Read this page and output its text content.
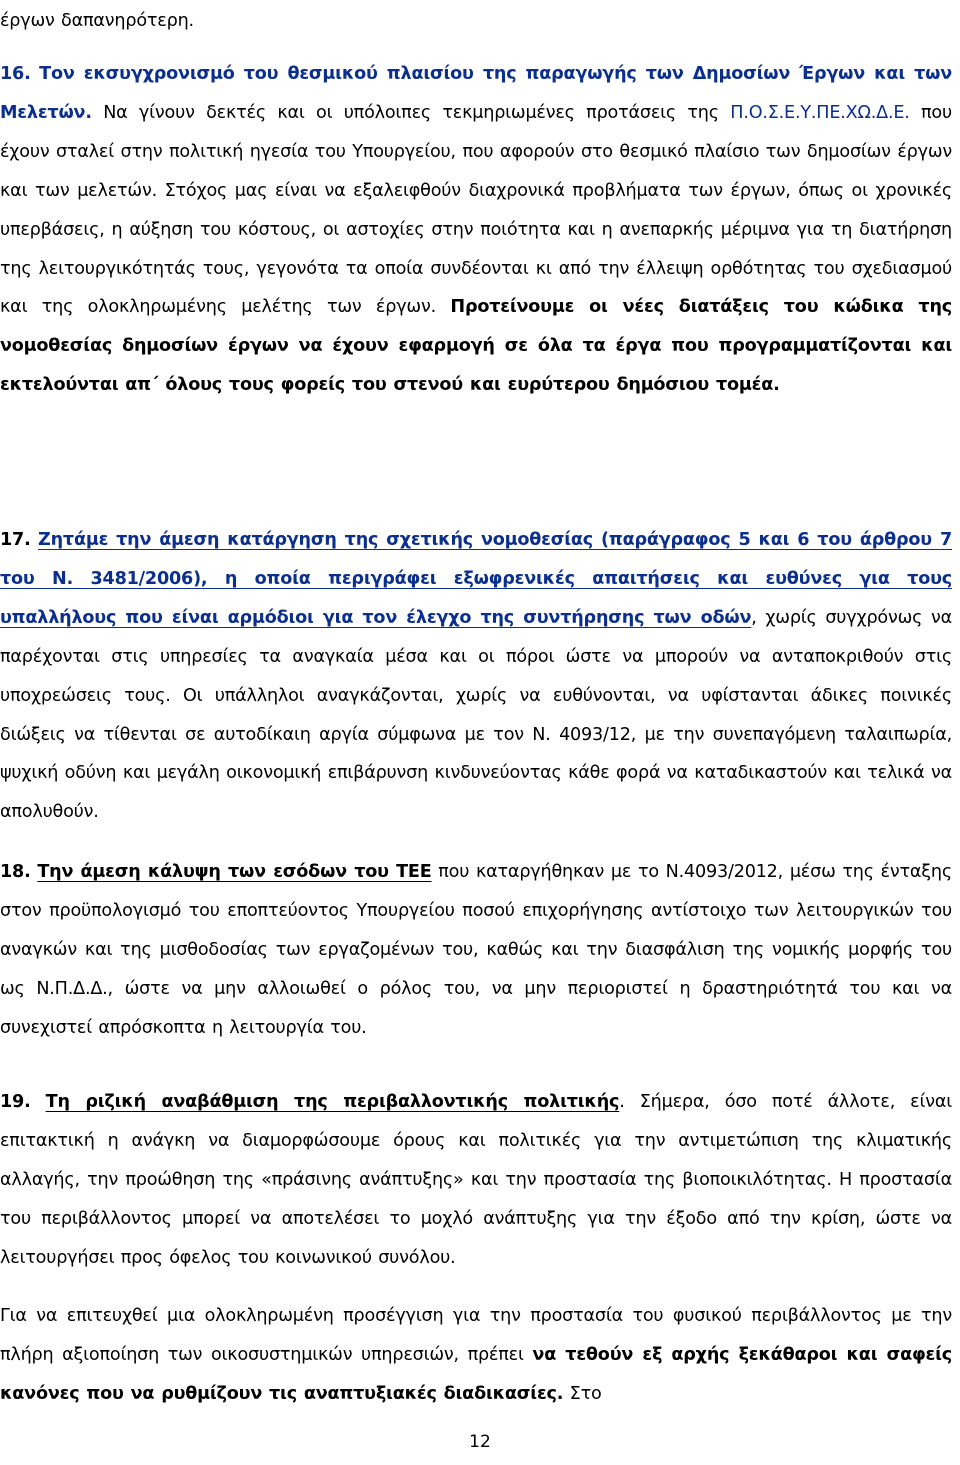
έργων δαπανηρότερη.

16. Τον εκσυγχρονισμό του θεσμικού πλαισίου της παραγωγής των Δημοσίων Έργων και των Μελετών. Να γίνουν δεκτές και οι υπόλοιπες τεκμηριωμένες προτάσεις της Π.Ο.Σ.Ε.Υ.ΠΕ.ΧΩ.Δ.Ε. που έχουν σταλεί στην πολιτική ηγεσία του Υπουργείου, που αφορούν στο θεσμικό πλαίσιο των δημοσίων έργων και των μελετών. Στόχος μας είναι να εξαλειφθούν διαχρονικά προβλήματα των έργων, όπως οι χρονικές υπερβάσεις, η αύξηση του κόστους, οι αστοχίες στην ποιότητα και η ανεπαρκής μέριμνα για τη διατήρηση της λειτουργικότητάς τους, γεγονότα τα οποία συνδέονται κι από την έλλειψη ορθότητας του σχεδιασμού και της ολοκληρωμένης μελέτης των έργων. Προτείνουμε οι νέες διατάξεις του κώδικα της νομοθεσίας δημοσίων έργων να έχουν εφαρμογή σε όλα τα έργα που προγραμματίζονται και εκτελούνται απ΄ όλους τους φορείς του στενού και ευρύτερου δημόσιου τομέα.

17. Ζητάμε την άμεση κατάργηση της σχετικής νομοθεσίας (παράγραφος 5 και 6 του άρθρου 7 του Ν. 3481/2006), η οποία περιγράφει εξωφρενικές απαιτήσεις και ευθύνες για τους υπαλλήλους που είναι αρμόδιοι για τον έλεγχο της συντήρησης των οδών, χωρίς συγχρόνως να παρέχονται στις υπηρεσίες τα αναγκαία μέσα και οι πόροι ώστε να μπορούν να ανταποκριθούν στις υποχρεώσεις τους. Οι υπάλληλοι αναγκάζονται, χωρίς να ευθύνονται, να υφίστανται άδικες ποινικές διώξεις να τίθενται σε αυτοδίκαιη αργία σύμφωνα με τον Ν. 4093/12, με την συνεπαγόμενη ταλαιπωρία, ψυχική οδύνη και μεγάλη οικονομική επιβάρυνση κινδυνεύοντας κάθε φορά να καταδικαστούν και τελικά να απολυθούν.

18. Την άμεση κάλυψη των εσόδων του ΤΕΕ που καταργήθηκαν με το Ν.4093/2012, μέσω της ένταξης στον προϋπολογισμό του εποπτεύοντος Υπουργείου ποσού επιχορήγησης αντίστοιχο των λειτουργικών του αναγκών και της μισθοδοσίας των εργαζομένων του, καθώς και την διασφάλιση της νομικής μορφής του ως Ν.Π.Δ.Δ., ώστε να μην αλλοιωθεί ο ρόλος του, να μην περιοριστεί η δραστηριότητά του και να συνεχιστεί απρόσκοπτα η λειτουργία του.

19. Τη ριζική αναβάθμιση της περιβαλλοντικής πολιτικής. Σήμερα, όσο ποτέ άλλοτε, είναι επιτακτική η ανάγκη να διαμορφώσουμε όρους και πολιτικές για την αντιμετώπιση της κλιματικής αλλαγής, την προώθηση της «πράσινης ανάπτυξης» και την προστασία της βιοποικιλότητας. Η προστασία του περιβάλλοντος μπορεί να αποτελέσει το μοχλό ανάπτυξης για την έξοδο από την κρίση, ώστε να λειτουργήσει προς όφελος του κοινωνικού συνόλου.

Για να επιτευχθεί μια ολοκληρωμένη προσέγγιση για την προστασία του φυσικού περιβάλλοντος με την πλήρη αξιοποίηση των οικοσυστημικών υπηρεσιών, πρέπει να τεθούν εξ αρχής ξεκάθαροι και σαφείς κανόνες που να ρυθμίζουν τις αναπτυξιακές διαδικασίες. Στο

12
